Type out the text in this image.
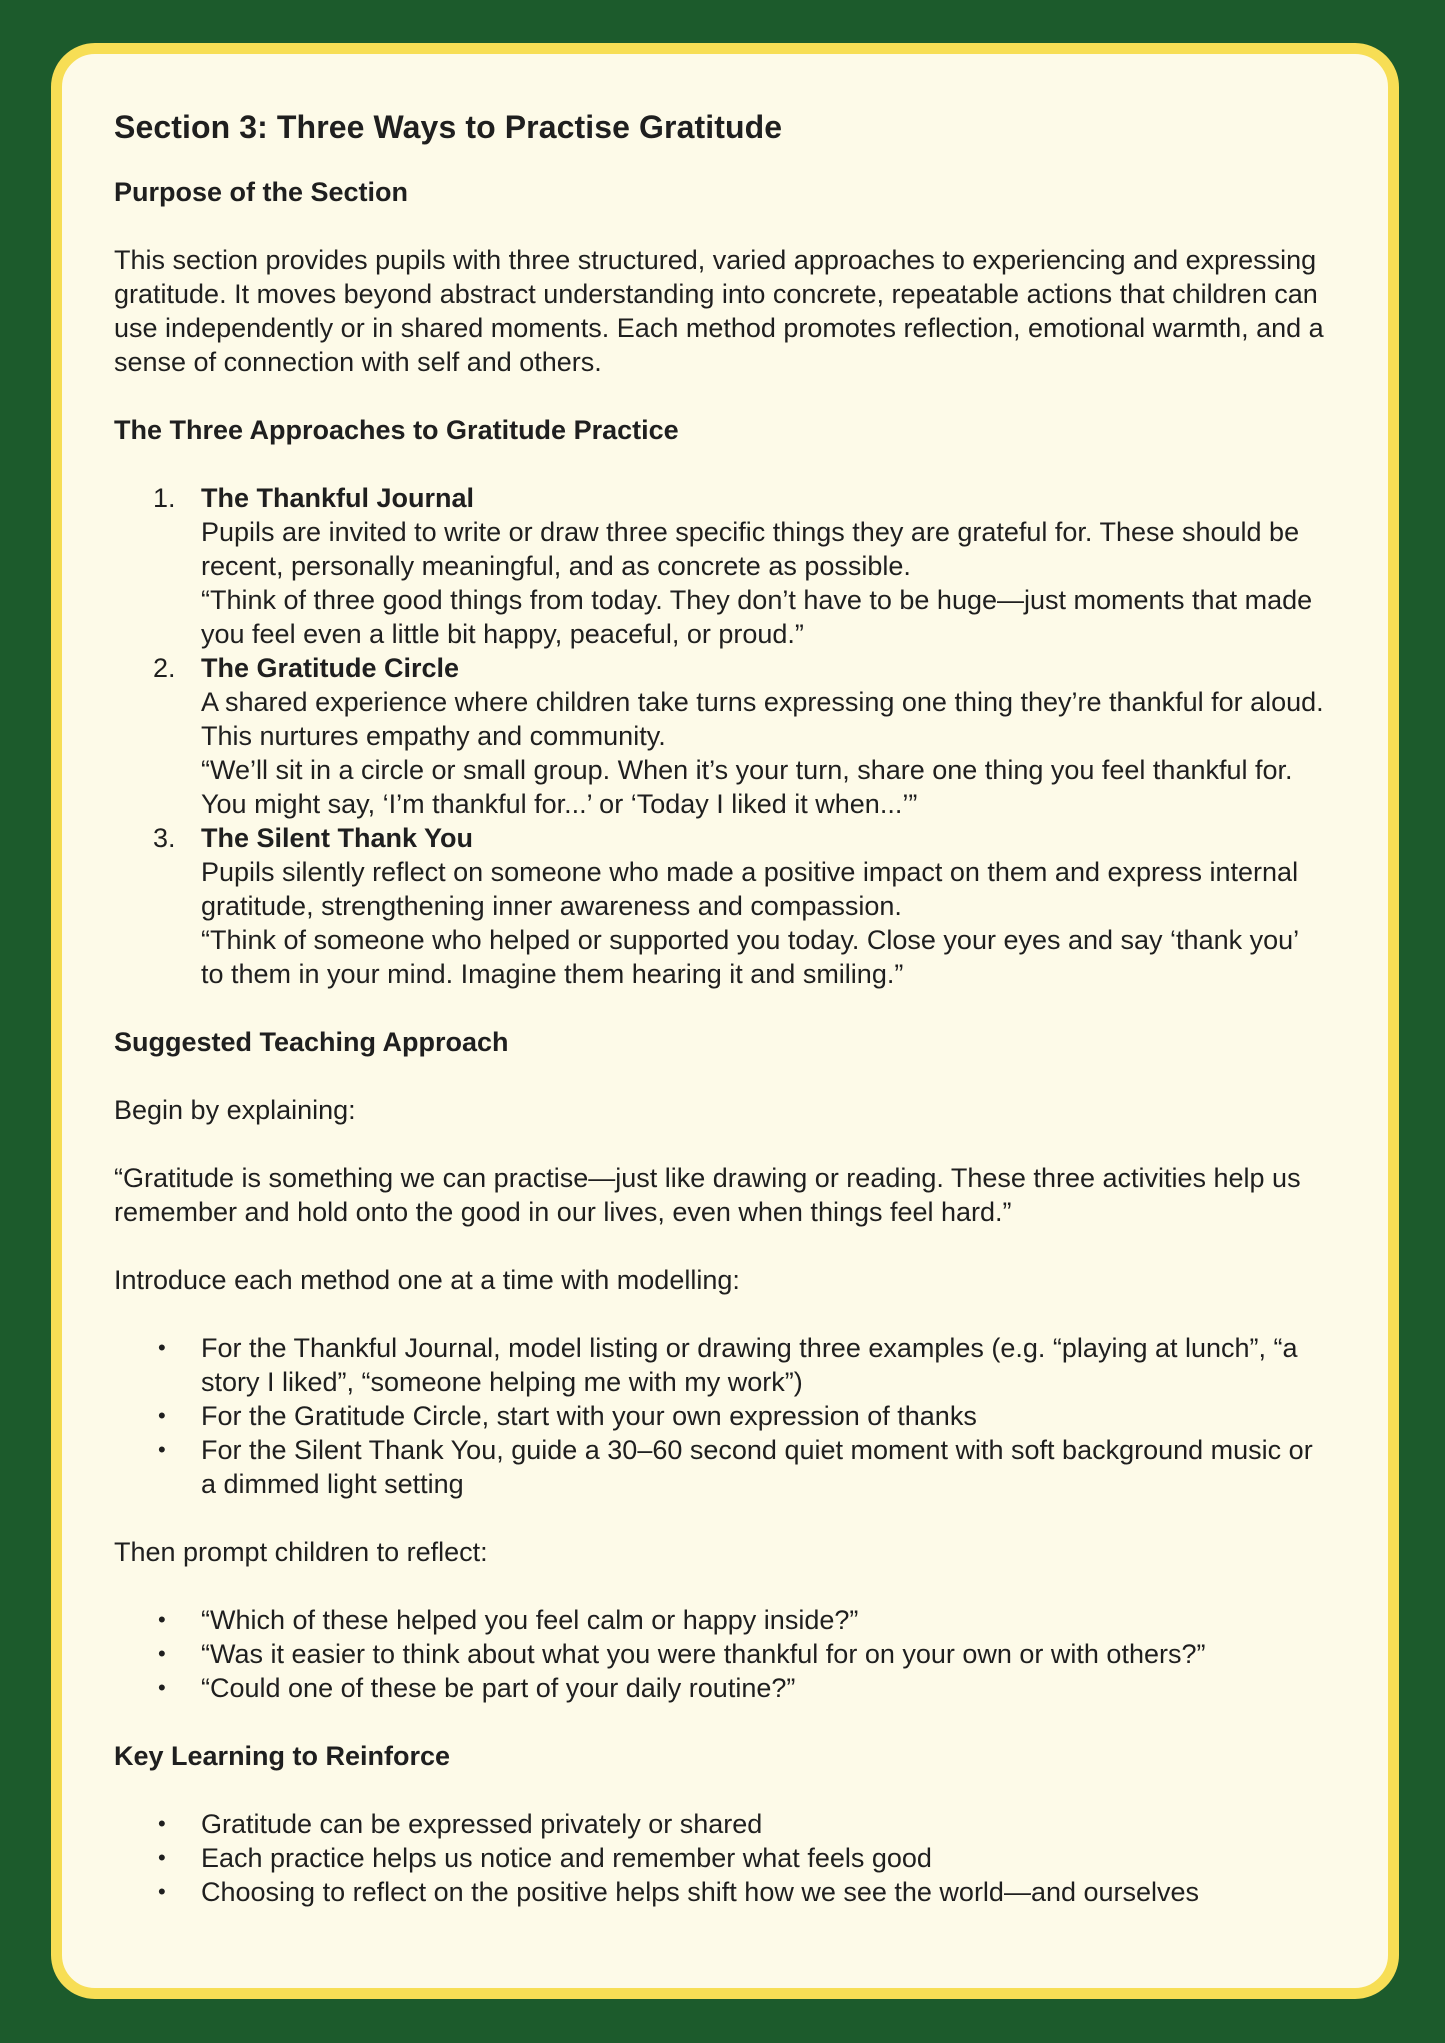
Section 3: Three Ways to Practise Gratitude
Purpose of the Section

This section provides pupils with three structured, varied approaches to experiencing and expressing gratitude. It moves beyond abstract understanding into concrete, repeatable actions that children can use independently or in shared moments. Each method promotes reflection, emotional warmth, and a sense of connection with self and others.

The Three Approaches to Gratitude Practice
1. The Thankful Journal
Pupils are invited to write or draw three specific things they are grateful for. These should be recent, personally meaningful, and as concrete as possible.
“Think of three good things from today. They don’t have to be huge—just moments that made you feel even a little bit happy, peaceful, or proud.”
2. The Gratitude Circle
A shared experience where children take turns expressing one thing they’re thankful for aloud. This nurtures empathy and community.
“We’ll sit in a circle or small group. When it’s your turn, share one thing you feel thankful for. You might say, ‘I’m thankful for...’ or ‘Today I liked it when...’”
3. The Silent Thank You
Pupils silently reflect on someone who made a positive impact on them and express internal gratitude, strengthening inner awareness and compassion.
“Think of someone who helped or supported you today. Close your eyes and say ‘thank you’ to them in your mind. Imagine them hearing it and smiling.”
Suggested Teaching Approach

Begin by explaining:

“Gratitude is something we can practise—just like drawing or reading. These three activities help us remember and hold onto the good in our lives, even when things feel hard.”

Introduce each method one at a time with modelling:

• For the Thankful Journal, model listing or drawing three examples (e.g. “playing at lunch”, “a story I liked”, “someone helping me with my work”)
• For the Gratitude Circle, start with your own expression of thanks
• For the Silent Thank You, guide a 30–60 second quiet moment with soft background music or a dimmed light setting

Then prompt children to reflect:

• “Which of these helped you feel calm or happy inside?”
• “Was it easier to think about what you were thankful for on your own or with others?”
• “Could one of these be part of your daily routine?”
Key Learning to Reinforce
• Gratitude can be expressed privately or shared
• Each practice helps us notice and remember what feels good
• Choosing to reflect on the positive helps shift how we see the world—and ourselves
